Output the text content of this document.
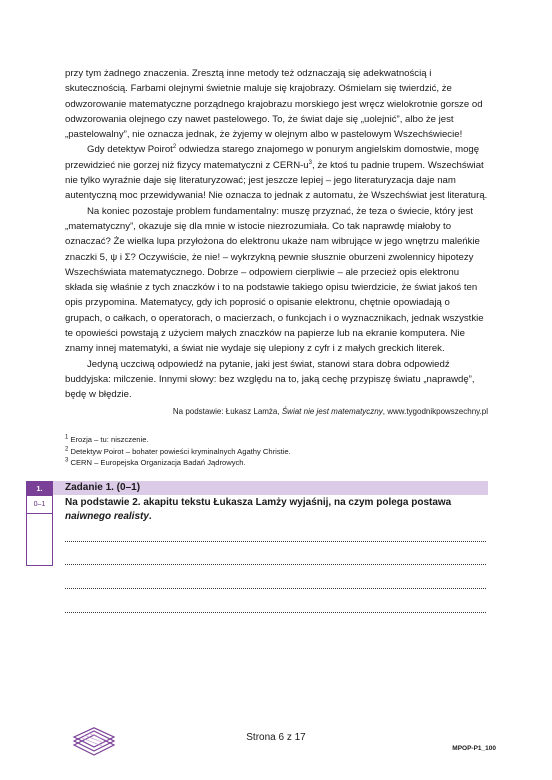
przy tym żadnego znaczenia. Zresztą inne metody też odznaczają się adekwatnością i skutecznością. Farbami olejnymi świetnie maluje się krajobrazy. Ośmielam się twierdzić, że odwzorowanie matematyczne porządnego krajobrazu morskiego jest wręcz wielokrotnie gorsze od odwzorowania olejnego czy nawet pastelowego. To, że świat daje się „uolejnić”, albo że jest „pastelowalny”, nie oznacza jednak, że żyjemy w olejnym albo w pastelowym Wszechświecie!

Gdy detektyw Poirot$^2$ odwiedza starego znajomego w ponurym angielskim domostwie, mogę przewidzieć nie gorzej niż fizycy matematyczni z CERN-$u^3$, że ktoś tu padnie trupem. Wszechświat nie tylko wyraźnie daje się literaturyzować; jest jeszcze lepiej – jego literaturyzacja daje nam autentyczną moc przewidywania! Nie oznacza to jednak z automatu, że Wszechświat jest literaturą.

Na koniec pozostaje problem fundamentalny: muszę przyznać, że teza o świecie, który jest „matematyczny”, okazuje się dla mnie w istocie niezrozumiała. Co tak naprawdę miałoby to oznaczać? Że wielka lupa przyłożona do elektronu ukaże nam wibrujące w jego wnętrzu maleńkie znaczki 5, ψ i Σ? Oczywiście, że nie! – wykrzykną pewnie słusznie oburzeni zwolennicy hipotezy Wszechświata matematycznego. Dobrze – odpowiem cierpliwie – ale przecież opis elektronu składa się właśnie z tych znaczków i to na podstawie takiego opisu twierdzicie, że świat jakoś ten opis przypomina. Matematycy, gdy ich poprosić o opisanie elektronu, chętnie opowiadają o grupach, o całkach, o operatorach, o macierzach, o funkcjach i o wyznacznikach, jednak wszystkie te opowieści powstają z użyciem małych znaczków na papierze lub na ekranie komputera. Nie znamy innej matematyki, a świat nie wydaje się ulepiony z cyfr i z małych greckich literek.

Jedyną uczciwą odpowiedź na pytanie, jaki jest świat, stanowi stara dobra odpowiedź buddyjska: milczenie. Innymi słowy: bez względu na to, jaką cechę przypiszę światu „naprawdę”, będę w błędzie.

Na podstawie: Łukasz Lamża, Świat nie jest matematyczny, www.tygodnikpowszechny.pl
$^1$ Erozja – tu: niszczenie.
$^2$ Detektyw Poirot – bohater powieści kryminalnych Agathy Christie.
$^3$ CERN – Europejska Organizacja Badań Jądrowych.
1.
0–1
Zadanie 1. (0–1)
Na podstawie 2. akapitu tekstu Łukasza Lamży wyjaśnij, na czym polega postawa naiwnego realisty.
Strona 6 z 17
MPOP-P1_100
